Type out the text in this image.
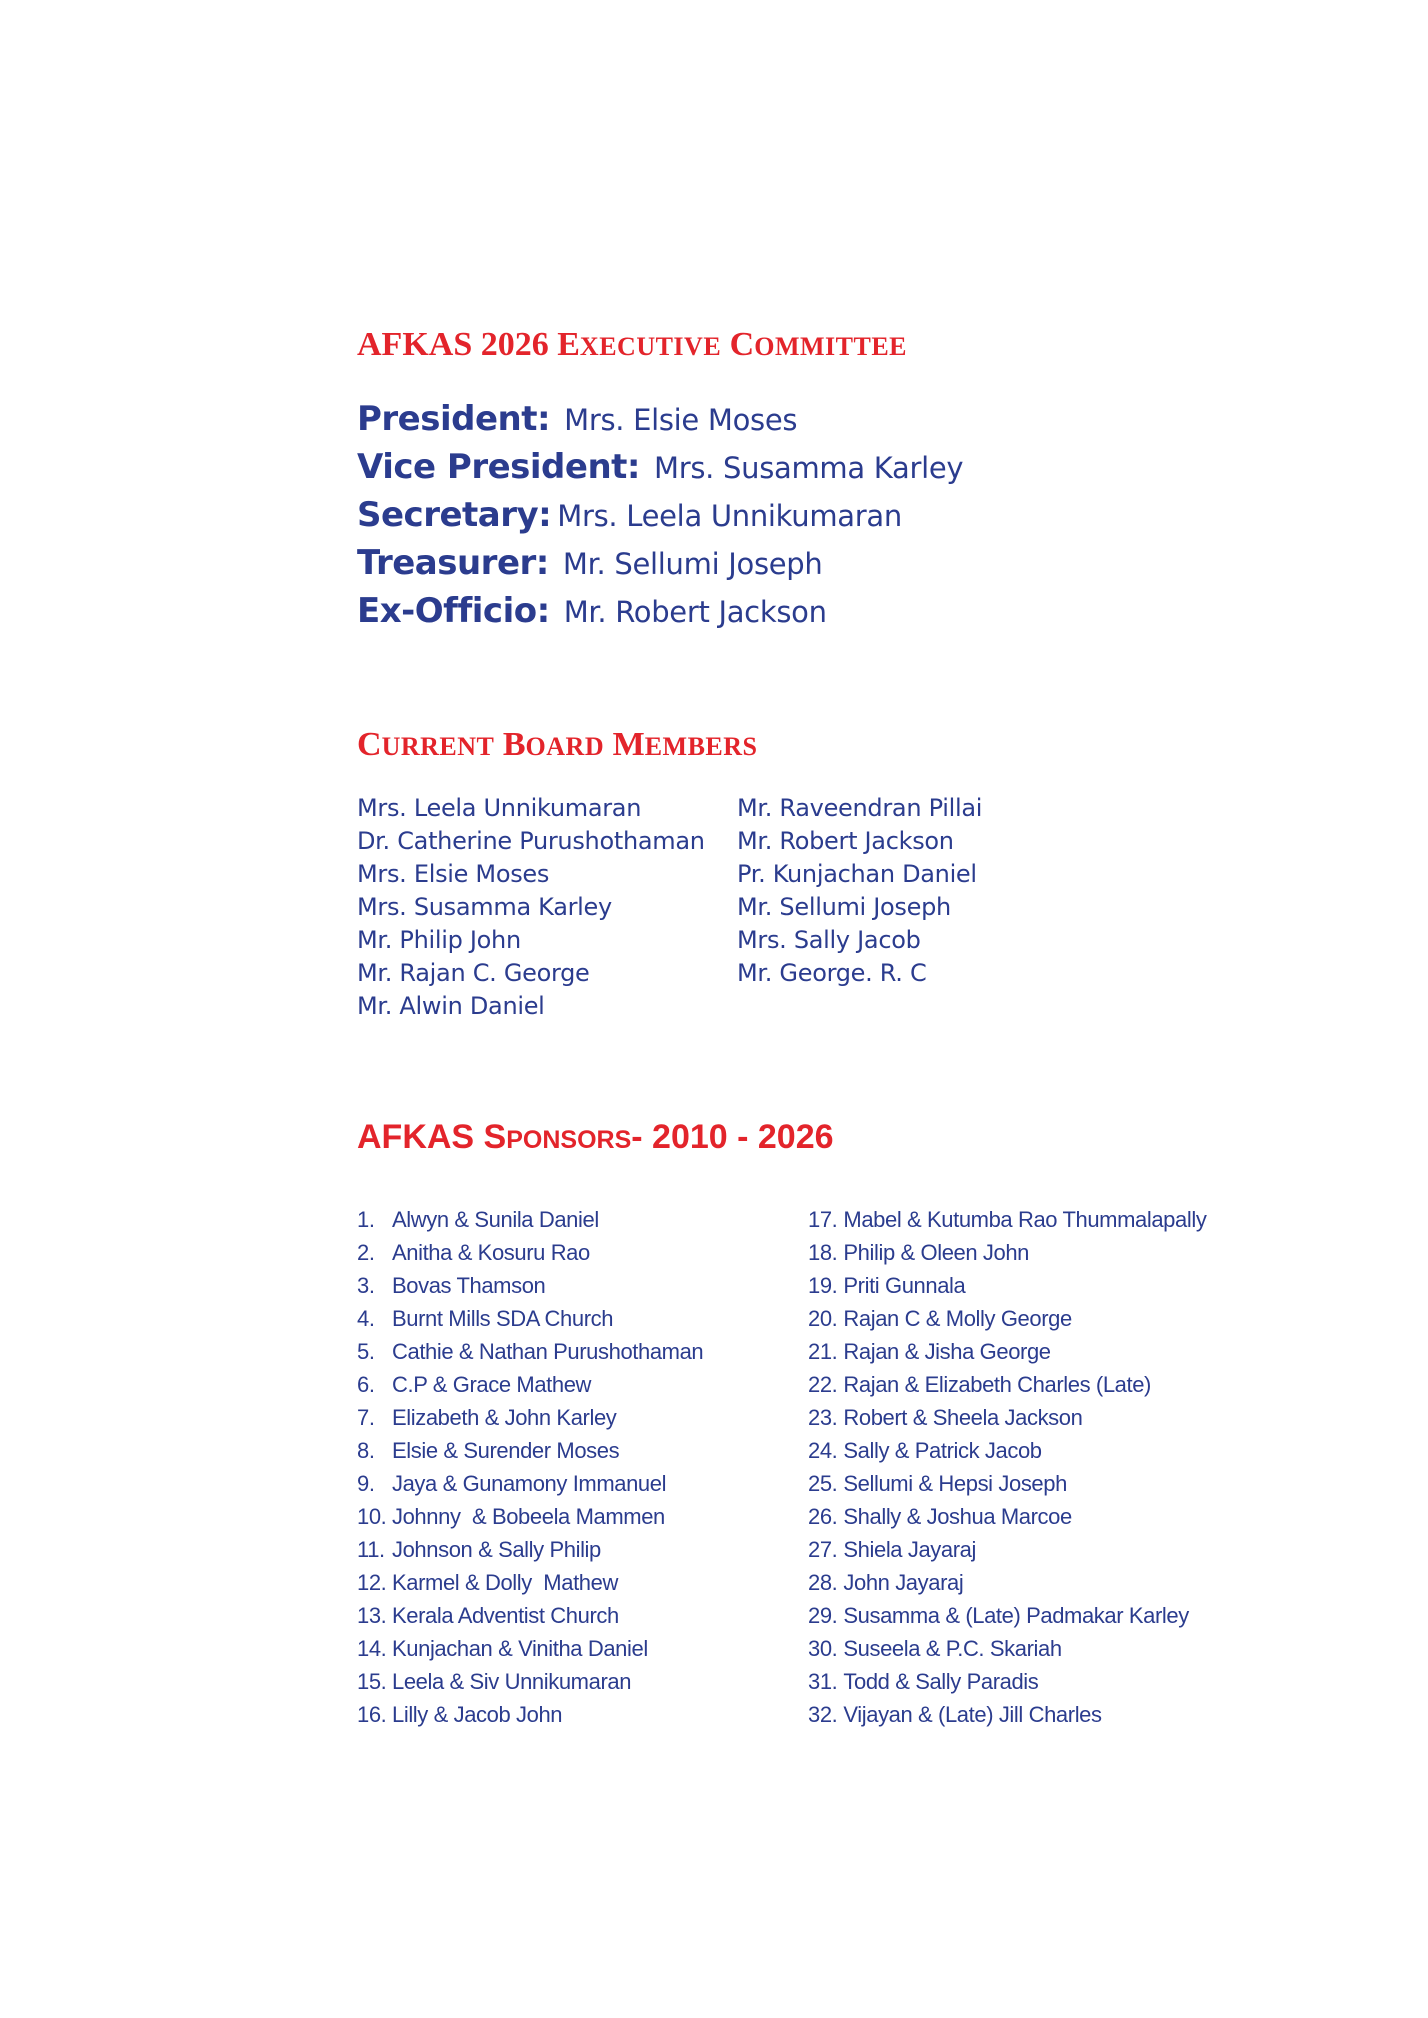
AFKAS 2026 EXECUTIVE COMMITTEE
President: Mrs. Elsie Moses
Vice President: Mrs. Susamma Karley
Secretary: Mrs. Leela Unnikumaran
Treasurer: Mr. Sellumi Joseph
Ex-Officio: Mr. Robert Jackson
CURRENT BOARD MEMBERS
Mrs. Leela Unnikumaran
Dr. Catherine Purushothaman
Mrs. Elsie Moses
Mrs. Susamma Karley
Mr. Philip John
Mr. Rajan C. George
Mr. Alwin Daniel
Mr. Raveendran Pillai
Mr. Robert Jackson
Pr. Kunjachan Daniel
Mr. Sellumi Joseph
Mrs. Sally Jacob
Mr. George. R. C
AFKAS SPONSORS- 2010 - 2026
1. Alwyn & Sunila Daniel
2. Anitha & Kosuru Rao
3. Bovas Thamson
4. Burnt Mills SDA Church
5. Cathie & Nathan Purushothaman
6. C.P & Grace Mathew
7. Elizabeth & John Karley
8. Elsie & Surender Moses
9. Jaya & Gunamony Immanuel
10. Johnny  & Bobeela Mammen
11. Johnson & Sally Philip
12. Karmel & Dolly  Mathew
13. Kerala Adventist Church
14. Kunjachan & Vinitha Daniel
15. Leela & Siv Unnikumaran
16. Lilly & Jacob John
17. Mabel & Kutumba Rao Thummalapally
18. Philip & Oleen John
19. Priti Gunnala
20. Rajan C & Molly George
21. Rajan & Jisha George
22. Rajan & Elizabeth Charles (Late)
23. Robert & Sheela Jackson
24. Sally & Patrick Jacob
25. Sellumi & Hepsi Joseph
26. Shally & Joshua Marcoe
27. Shiela Jayaraj
28. John Jayaraj
29. Susamma & (Late) Padmakar Karley
30. Suseela & P.C. Skariah
31. Todd & Sally Paradis
32. Vijayan & (Late) Jill Charles
